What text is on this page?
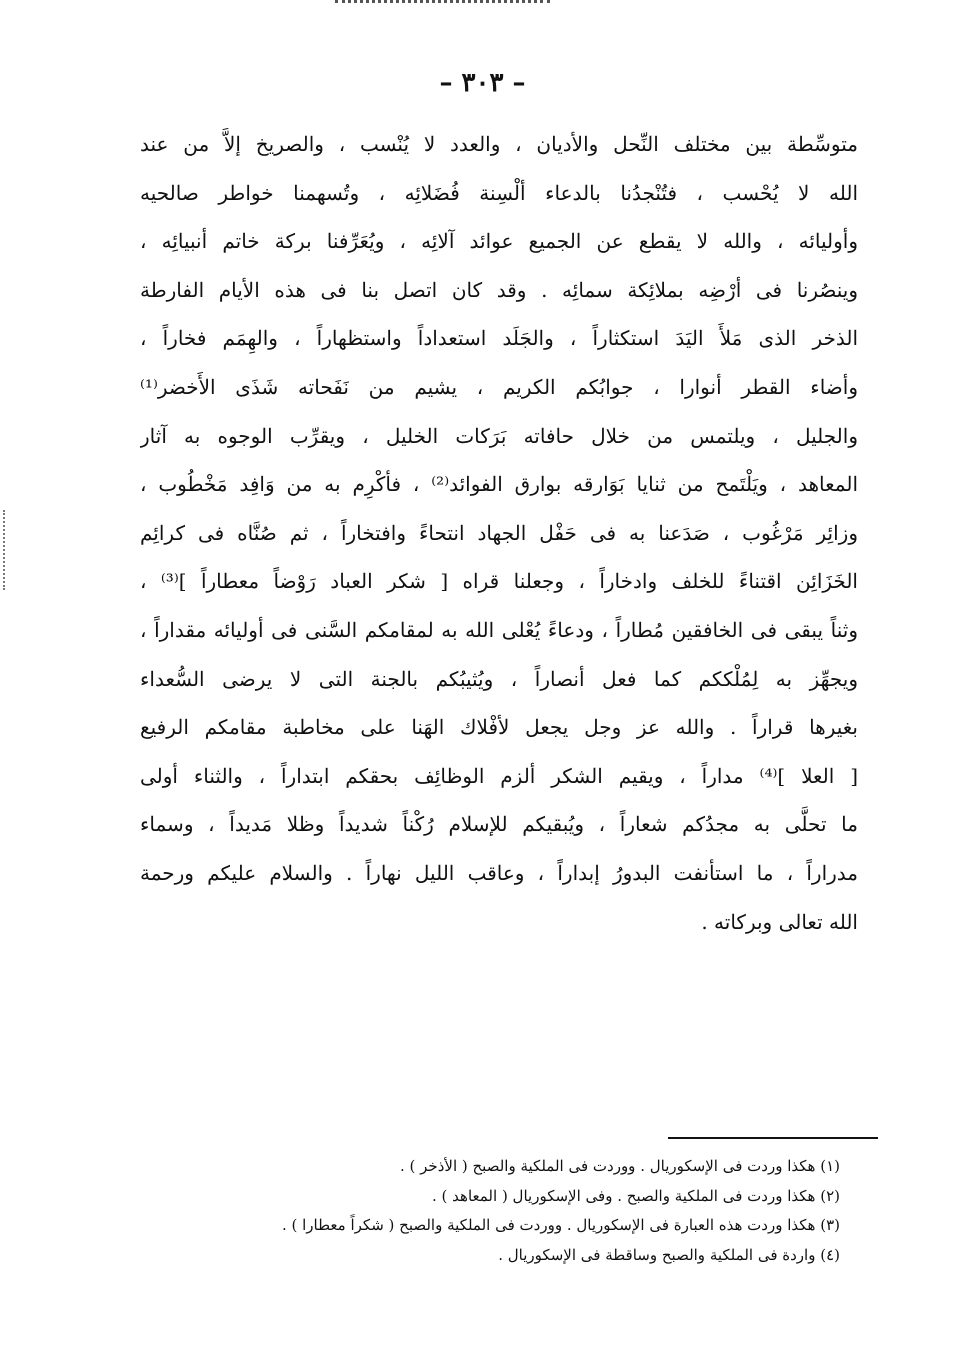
– ٣٠٣ –
متوسِّطة بين مختلف النِّحل والأديان ، والعدد لا يُنْسب ، والصريخ إلاَّ من عند
الله لا يُحْسب ، فتُنْجدُنا بالدعاء ألْسِنة فُضَلائِه ، وتُسهمنا خواطر صالحيه
وأوليائه ، والله لا يقطع عن الجميع عوائد آلائِه ، ويُعَرِّفنا بركة خاتم أنبيائِه ،
وينصُرنا فى أرْضِه بملائِكة سمائِه . وقد كان اتصل بنا فى هذه الأيام الفارطة
الذخر الذى مَلأَ اليَدَ استكثاراً ، والجَلَد استعداداً واستظهاراً ، والهِمَم فخاراً ،
وأضاء القطر أنوارا ، جوابُكم الكريم ، يشيم من نَفَحاته شَذَى الأَخضر⁽¹⁾
والجليل ، ويلتمس من خلال حافاته بَرَكات الخليل ، ويقرِّب الوجوه به آثار
المعاهد ، ويَلْتَمح من ثنايا بَوَارقه بوارق الفوائد⁽²⁾ ، فأكْرِم به من وَافِد مَخْطُوب ،
وزائِر مَرْغُوب ، صَدَعنا به فى حَفْل الجهاد انتحاءً وافتخاراً ، ثم صُنَّاه فى كرائِم
الخَزَائِن اقتناءً للخلف وادخاراً ، وجعلنا قراه [ شكر العباد رَوْضاً معطاراً ]⁽³⁾ ،
وثناً يبقى فى الخافقين مُطاراً ، ودعاءً يُعْلى الله به لمقامكم السَّنى فى أوليائه مقداراً ،
ويجهِّز به لِمُلْككم كما فعل أنصاراً ، ويُثيبُكم بالجنة التى لا يرضى السُّعداء
بغيرها قراراً . والله عز وجل يجعل لأفْلاك الهَنا على مخاطبة مقامكم الرفيع
[ العلا ]⁽⁴⁾ مداراً ، ويقيم الشكر ألزم الوظائِف بحقكم ابتداراً ، والثناء أولى
ما تحلَّى به مجدُكم شعاراً ، ويُبقيكم للإسلام رُكْناً شديداً وظلا مَديداً ، وسماء
مدراراً ، ما استأنفت البدورُ إبداراً ، وعاقب الليل نهاراً . والسلام عليكم ورحمة
الله تعالى وبركاته .
(١) هكذا وردت فى الإسكوريال . ووردت فى الملكية والصبح ( الأذخر ) .
(٢) هكذا وردت فى الملكية والصبح . وفى الإسكوريال ( المعاهد ) .
(٣) هكذا وردت هذه العبارة فى الإسكوريال . ووردت فى الملكية والصبح ( شكراً معطارا ) .
(٤) واردة فى الملكية والصبح وساقطة فى الإسكوريال .
